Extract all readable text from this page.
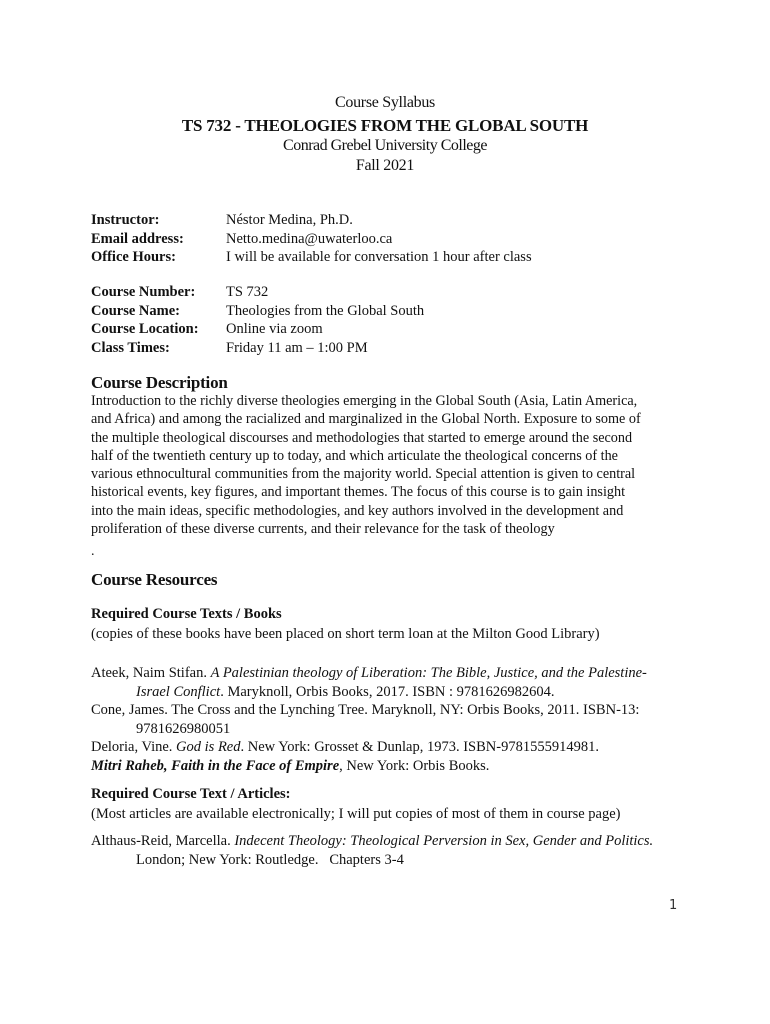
Course Syllabus
TS 732 - THEOLOGIES FROM THE GLOBAL SOUTH
Conrad Grebel University College
Fall 2021
Instructor:	Néstor Medina, Ph.D.
Email address:	Netto.medina@uwaterloo.ca
Office Hours:	I will be available for conversation 1 hour after class
Course Number:	TS 732
Course Name:	Theologies from the Global South
Course Location:	Online via zoom
Class Times:	Friday 11 am – 1:00 PM
Course Description
Introduction to the richly diverse theologies emerging in the Global South (Asia, Latin America,
and Africa) and among the racialized and marginalized in the Global North. Exposure to some of
the multiple theological discourses and methodologies that started to emerge around the second
half of the twentieth century up to today, and which articulate the theological concerns of the
various ethnocultural communities from the majority world. Special attention is given to central
historical events, key figures, and important themes. The focus of this course is to gain insight
into the main ideas, specific methodologies, and key authors involved in the development and
proliferation of these diverse currents, and their relevance for the task of theology
.
Course Resources
Required Course Texts / Books
(copies of these books have been placed on short term loan at the Milton Good Library)
Ateek, Naim Stifan. A Palestinian theology of Liberation: The Bible, Justice, and the Palestine-
Israel Conflict. Maryknoll, Orbis Books, 2017. ISBN : 9781626982604.
Cone, James. The Cross and the Lynching Tree. Maryknoll, NY: Orbis Books, 2011. ISBN-13:
9781626980051
Deloria, Vine. God is Red. New York: Grosset & Dunlap, 1973. ISBN-9781555914981.
Mitri Raheb, Faith in the Face of Empire, New York: Orbis Books.
Required Course Text / Articles:
(Most articles are available electronically; I will put copies of most of them in course page)
Althaus-Reid, Marcella. Indecent Theology: Theological Perversion in Sex, Gender and Politics.
London; New York: Routledge.   Chapters 3-4
1
